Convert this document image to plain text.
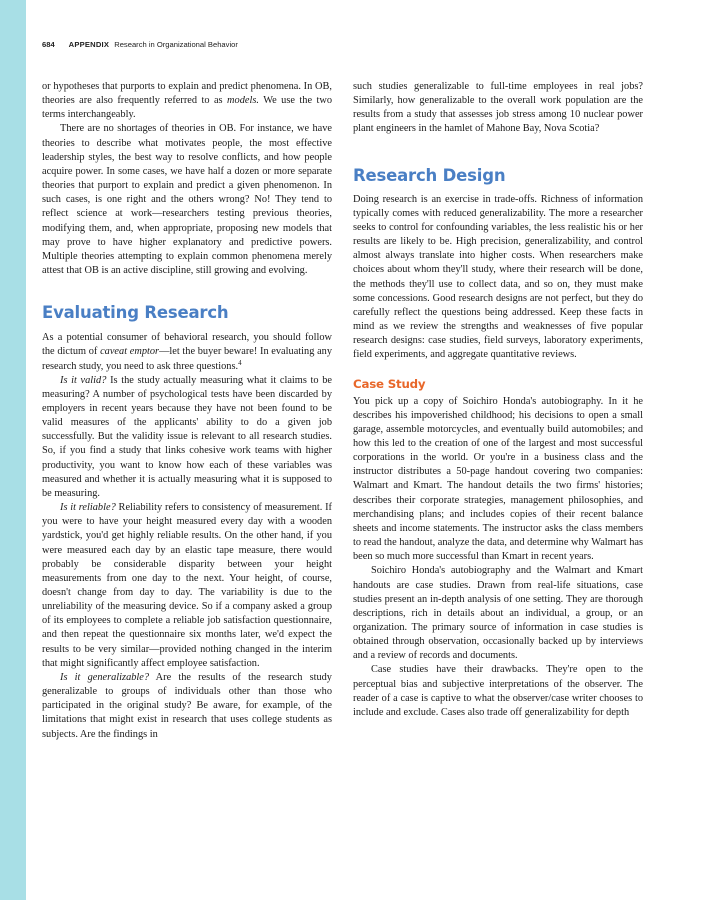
684 APPENDIX Research in Organizational Behavior

or hypotheses that purports to explain and predict phenomena. In OB, theories are also frequently referred to as models. We use the two terms interchangeably.

There are no shortages of theories in OB. For instance, we have theories to describe what motivates people, the most effective leadership styles, the best way to resolve conflicts, and how people acquire power. In some cases, we have half a dozen or more separate theories that purport to explain and predict a given phenomenon. In such cases, is one right and the others wrong? No! They tend to reflect science at work—researchers testing previous theories, modifying them, and, when appropriate, proposing new models that may prove to have higher explanatory and predictive powers. Multiple theories attempting to explain common phenomena merely attest that OB is an active discipline, still growing and evolving.

Evaluating Research

As a potential consumer of behavioral research, you should follow the dictum of caveat emptor—let the buyer beware! In evaluating any research study, you need to ask three questions.$^4$

Is it valid? Is the study actually measuring what it claims to be measuring? A number of psychological tests have been discarded by employers in recent years because they have not been found to be valid measures of the applicants' ability to do a given job successfully. But the validity issue is relevant to all research studies. So, if you find a study that links cohesive work teams with higher productivity, you want to know how each of these variables was measured and whether it is actually measuring what it is supposed to be measuring.

Is it reliable? Reliability refers to consistency of measurement. If you were to have your height measured every day with a wooden yardstick, you'd get highly reliable results. On the other hand, if you were measured each day by an elastic tape measure, there would probably be considerable disparity between your height measurements from one day to the next. Your height, of course, doesn't change from day to day. The variability is due to the unreliability of the measuring device. So if a company asked a group of its employees to complete a reliable job satisfaction questionnaire, and then repeat the questionnaire six months later, we'd expect the results to be very similar—provided nothing changed in the interim that might significantly affect employee satisfaction.

Is it generalizable? Are the results of the research study generalizable to groups of individuals other than those who participated in the original study? Be aware, for example, of the limitations that might exist in research that uses college students as subjects. Are the findings in

such studies generalizable to full-time employees in real jobs? Similarly, how generalizable to the overall work population are the results from a study that assesses job stress among 10 nuclear power plant engineers in the hamlet of Mahone Bay, Nova Scotia?

Research Design

Doing research is an exercise in trade-offs. Richness of information typically comes with reduced generalizability. The more a researcher seeks to control for confounding variables, the less realistic his or her results are likely to be. High precision, generalizability, and control almost always translate into higher costs. When researchers make choices about whom they'll study, where their research will be done, the methods they'll use to collect data, and so on, they must make some concessions. Good research designs are not perfect, but they do carefully reflect the questions being addressed. Keep these facts in mind as we review the strengths and weaknesses of five popular research designs: case studies, field surveys, laboratory experiments, field experiments, and aggregate quantitative reviews.

Case Study

You pick up a copy of Soichiro Honda's autobiography. In it he describes his impoverished childhood; his decisions to open a small garage, assemble motorcycles, and eventually build automobiles; and how this led to the creation of one of the largest and most successful corporations in the world. Or you're in a business class and the instructor distributes a 50-page handout covering two companies: Walmart and Kmart. The handout details the two firms' histories; describes their corporate strategies, management philosophies, and merchandising plans; and includes copies of their recent balance sheets and income statements. The instructor asks the class members to read the handout, analyze the data, and determine why Walmart has been so much more successful than Kmart in recent years.

Soichiro Honda's autobiography and the Walmart and Kmart handouts are case studies. Drawn from real-life situations, case studies present an in-depth analysis of one setting. They are thorough descriptions, rich in details about an individual, a group, or an organization. The primary source of information in case studies is obtained through observation, occasionally backed up by interviews and a review of records and documents.

Case studies have their drawbacks. They're open to the perceptual bias and subjective interpretations of the observer. The reader of a case is captive to what the observer/case writer chooses to include and exclude. Cases also trade off generalizability for depth
